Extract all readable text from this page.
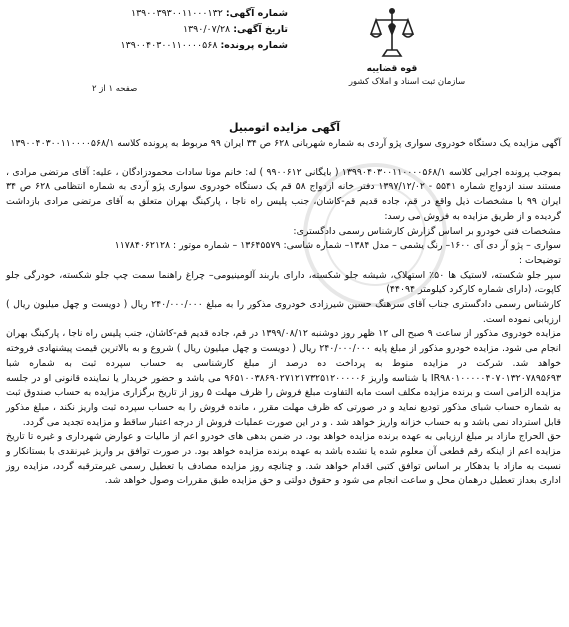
شماره آگهی: ۱۳۹۰۰۳۹۳۰۰۱۱۰۰۰۱۳۲
تاریخ آگهی: ۱۳۹۰/۰۷/۲۸
شماره پرونده: ۱۳۹۰۰۴۰۳۰۰۱۱۰۰۰۰۵۶۸
قوه قضاییه
سازمان ثبت اسناد و املاک کشور
صفحه ۱ از ۲
آگهی مزایده اتومبیل

آگهی مزایده یک دستگاه خودروی سواری پژو آردی به شماره شهربانی ۶۲۸ ص ۳۴ ایران ۹۹ مربوط به پرونده کلاسه ۱۳۹۰۰۴۰۳۰۰۱۱۰۰۰۰۵۶۸/۱

بموجب پرونده اجرایی کلاسه ۱۳۹۹۰۴۰۳۰۰۱۱۰۰۰۰۵۶۸/۱ ( بایگانی ۹۹۰۰۶۱۲ ) له: خانم مونا سادات محمودزادگان ، علیه: آقای مرتضی مرادی ، مستند سند ازدواج شماره ۵۵۴۱ - ۱۳۹۷/۱۲/۰۲ دفتر خانه ازدواج ۵۸ قم یک دستگاه خودروی سواری پژو آردی به شماره انتظامی ۶۲۸ ص ۳۴ ایران ۹۹ با مشخصات ذیل واقع در قم، جاده قدیم قم-کاشان، جنب پلیس راه ناجا ، پارکینگ بهران متعلق به آقای مرتضی مرادی بازداشت گردیده و از طریق مزایده به فروش می رسد:

مشخصات فنی خودرو بر اساس گزارش کارشناس رسمی دادگستری:

سواری – پژو آر دی آی ۱۶۰۰– رنگ یشمی – مدل ۱۳۸۴– شماره شاسی: ۱۳۶۴۵۵۷۹ – شماره موتور : ۱۱۷۸۴۰۶۲۱۲۸

توضیحات :

سپر جلو شکسته، لاستیک ها ۵۰٪ استهلاک، شیشه جلو شکسته، دارای باربند آلومینیومی– چراغ راهنما سمت چپ جلو شکسته، خودرگی جلو کاپوت، (دارای شماره کارکرد کیلومتر ۴۴۰۹۴)

کارشناس رسمی دادگستری جناب آقای سرهنگ حسین شیرزادی خودروی مذکور را به مبلغ ۲۴۰/۰۰۰/۰۰۰ ریال ( دویست و چهل میلیون ریال ) ارزیابی نموده است.

مزایده خودروی مذکور از ساعت ۹ صبح الی ۱۲ ظهر روز دوشنبه ۱۳۹۹/۰۸/۱۲ در قم، جاده قدیم قم-کاشان، جنب پلیس راه ناجا ، پارکینگ بهران انجام می شود. مزایده خودرو مذکور از مبلغ پایه ۲۴۰/۰۰۰/۰۰۰ ریال ( دویست و چهل میلیون ریال ) شروع و به بالاترین قیمت پیشنهادی فروخته خواهد شد. شرکت در مزایده منوط به پرداخت ده درصد از مبلغ کارشناسی به حساب سپرده ثبت به شماره شبا IR۹۸۰۱۰۰۰۰۰۴۰۷۰۱۳۲۰۷۸۹۵۶۹۳ با شناسه واریز ۹۶۵۱۰۰۳۸۶۹۰۲۷۱۲۱۷۳۲۵۱۲۰۰۰۰۰۶ می باشد و حضور خریدار یا نماینده قانونی او در جلسه مزایده الزامی است و برنده مزایده مکلف است مابه التفاوت مبلغ فروش را ظرف مهلت ۵ روز از تاریخ برگزاری مزایده به حساب صندوق ثبت به شماره حساب شبای مذکور تودیع نماید و در صورتی که ظرف مهلت مقرر ، مانده فروش را به حساب سپرده ثبت واریز نکند ، مبلغ مذکور قابل استرداد نمی باشد و به حساب خزانه واریز خواهد شد . و در این صورت عملیات فروش از درجه اعتبار ساقط و مزایده تجدید می گردد.

حق الحراج مازاد بر مبلغ ارزیابی به عهده برنده مزایده خواهد بود. در ضمن بدهی های خودرو اعم از مالیات و عوارض شهرداری و غیره تا تاریخ مزایده اعم از اینکه رقم قطعی آن معلوم شده یا نشده باشد به عهده برنده مزایده خواهد بود. در صورت توافق بر واریز غیرنقدی با بستانکار و نسبت به مازاد با بدهکار بر اساس توافق کتبی اقدام خواهد شد. و چنانچه روز مزایده مصادف با تعطیل رسمی غیرمترقبه گردد، مزایده روز اداری بعداز تعطیل درهمان محل و ساعت انجام می شود و حقوق دولتی و حق مزایده طبق مقررات وصول خواهد شد.
